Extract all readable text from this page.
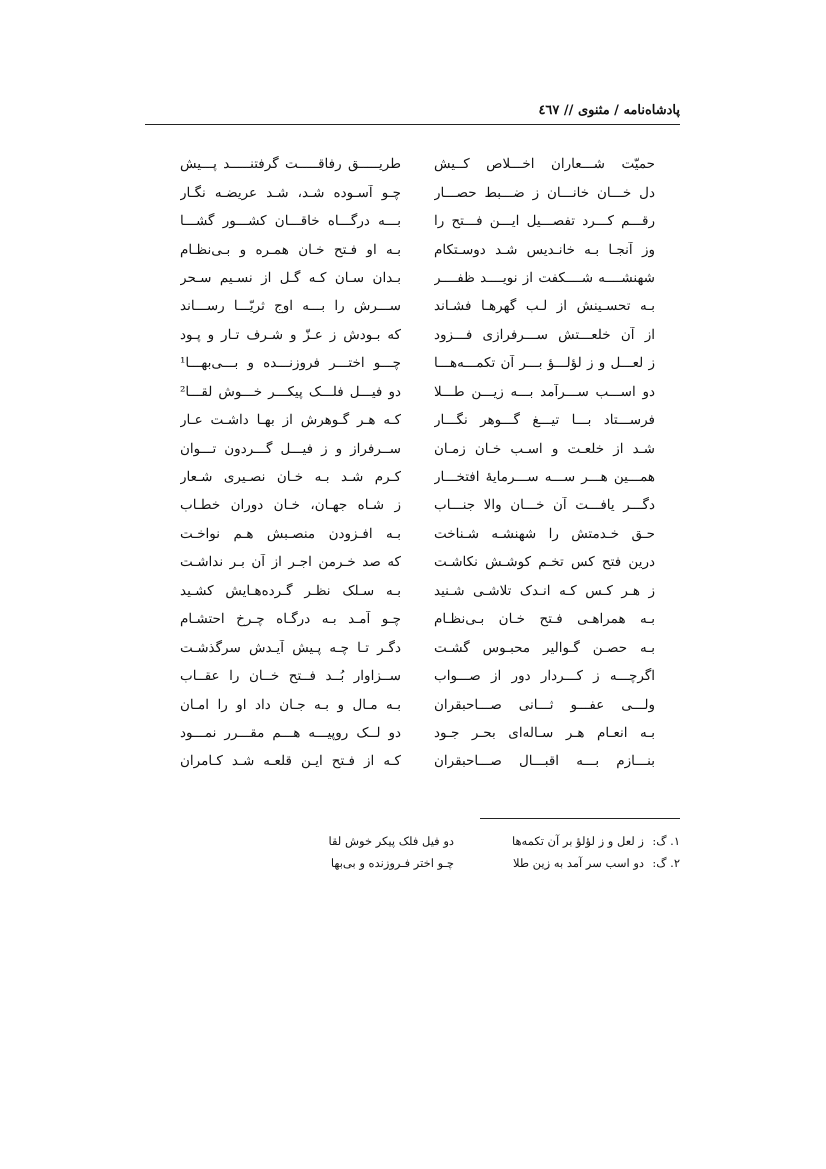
پادشاه‌نامه / مثنوی // ٤٦٧
حمیّت شـــعاران اخـــلاص کــیش
طریـــــق رفاقـــــت گرفتنـــــد پـــیش
دل خـــان خانـــان ز ضـــبط حصـــار
چـو آسـوده شـد، شـد عریضـه نگـار
رقـــم کـــرد تفصـــیل ایـــن فـــتح را
بـــه درگـــاه خاقـــان کشـــور گشـــا
وز آنجـا بـه خانـدیس شـد دوسـتکام
بـه او فـتح خـان همـره و بـی‌نظـام
شهنشــــه شــــکفت از نویــــد ظفــــر
بـدان سـان کـه گـل از نسـیم سـحر
بـه تحسـینش از لـب گهرهـا فشـاند
ســـرش را بـــه اوج ثریّـــا رســـاند
از آن خلعـــتش ســـرفرازی فـــزود
که بـودش ز عـزّ و شـرف تـار و پـود
ز لعـــل و ز لؤلـــؤ بـــر آن تکمـــه‌هـــا
چـــو اختـــر فروزنـــده و بـــی‌بهـــا¹
دو اســـب ســـرآمد بـــه زیـــن طـــلا
دو فیـــل فلـــک پیکـــر خـــوش لقـــا²
فرســـتاد بـــا تیـــغ گـــوهر نگـــار
کـه هـر گـوهرش از بهـا داشـت عـار
شـد از خلعـت و اسـب خـان زمـان
ســرفراز و ز فیـــل گـــردون تـــوان
همـــین هـــر ســـه ســـرمایهٔ افتخـــار
کـرم شـد بـه خـان نصـیری شـعار
دگـــر یافـــت آن خـــان والا جنـــاب
ز شـاه جهـان، خـان دوران خطـاب
حـق خـدمتش را شهنشـه شـناخت
بـه افـزودن منصـبش هـم نواخـت
درین فتح کس تخـم کوشـش نکاشـت
که صد خـرمن اجـر از آن بـر نداشـت
ز هـر کـس کـه انـدک تلاشـی شـنید
بـه سـلک نظـر گـرده‌هـایش کشـید
بـه همراهـی فـتح خـان بـی‌نظـام
چـو آمـد بـه درگـاه چـرخ احتشـام
بـه حصـن گـوالیر محبـوس گشـت
دگـر تـا چـه پـیش آیـدش سرگذشـت
اگرچـــه ز کـــردار دور از صـــواب
ســزاوار بُــد فــتح خــان را عقــاب
ولـــی عفـــو ثـــانی صـــاحبقران
بـه مـال و بـه جـان داد او را امـان
بـه انعـام هـر سـاله‌ای بحـر جـود
دو لــک روپیـــه هـــم مقـــرر نمـــود
بنـــازم بـــه اقبـــال صـــاحبقران
کـه از فـتح ایـن قلعـه شـد کـامران
۱. گ:
ز لعل و ز لؤلؤ بر آن تکمه‌ها
دو فیل فلک پیکر خوش لقا
۲. گ:
دو اسب سر آمد به زین طلا
چـو اختر فـروزنده و بی‌بها
